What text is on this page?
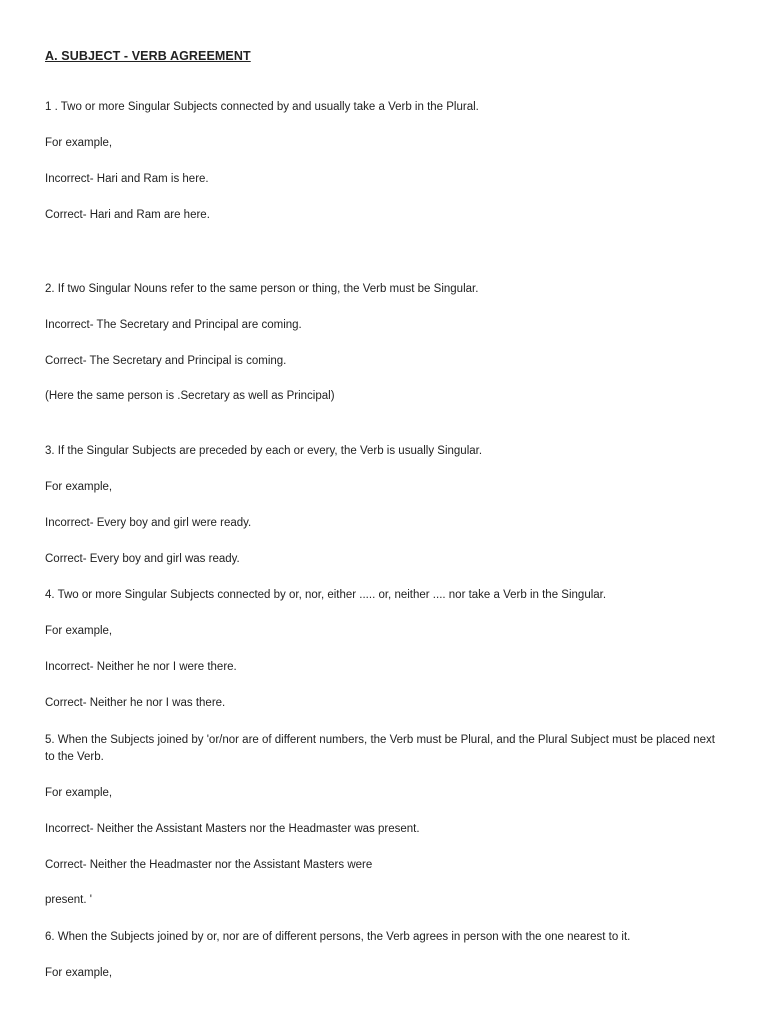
A. SUBJECT - VERB AGREEMENT
1 . Two or more Singular Subjects connected by and usually take a Verb in the Plural.
For example,
Incorrect- Hari and Ram is here.
Correct- Hari and Ram are here.
2. If two Singular Nouns refer to the same person or thing, the Verb must be Singular.
Incorrect- The Secretary and Principal are coming.
Correct- The Secretary and Principal is coming.
(Here the same person is .Secretary as well as Principal)
3. If the Singular Subjects are preceded by each or every, the Verb is usually Singular.
For example,
Incorrect- Every boy and girl were ready.
Correct- Every boy and girl was ready.
4. Two or more Singular Subjects connected by or, nor, either ..... or, neither .... nor take a Verb in the Singular.
For example,
Incorrect- Neither he nor I were there.
Correct- Neither he nor I was there.
5. When the Subjects joined by 'or/nor are of different numbers, the Verb must be Plural, and the Plural Subject must be placed next to the Verb.
For example,
Incorrect- Neither the Assistant Masters nor the Headmaster was present.
Correct- Neither the Headmaster nor the Assistant Masters were
present. '
6. When the Subjects joined by or, nor are of different persons, the Verb agrees in person with the one nearest to it.
For example,
